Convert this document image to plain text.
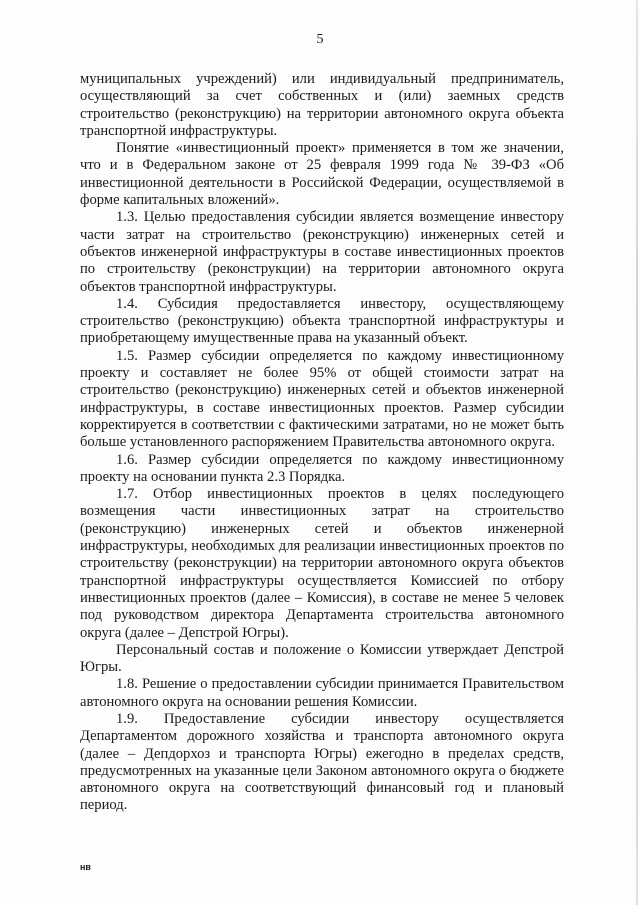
5

муниципальных учреждений) или индивидуальный предприниматель, осуществляющий за счет собственных и (или) заемных средств строительство (реконструкцию) на территории автономного округа объекта транспортной инфраструктуры.

Понятие «инвестиционный проект» применяется в том же значении, что и в Федеральном законе от 25 февраля 1999 года № 39-ФЗ «Об инвестиционной деятельности в Российской Федерации, осуществляемой в форме капитальных вложений».

1.3. Целью предоставления субсидии является возмещение инвестору части затрат на строительство (реконструкцию) инженерных сетей и объектов инженерной инфраструктуры в составе инвестиционных проектов по строительству (реконструкции) на территории автономного округа объектов транспортной инфраструктуры.

1.4. Субсидия предоставляется инвестору, осуществляющему строительство (реконструкцию) объекта транспортной инфраструктуры и приобретающему имущественные права на указанный объект.

1.5. Размер субсидии определяется по каждому инвестиционному проекту и составляет не более 95% от общей стоимости затрат на строительство (реконструкцию) инженерных сетей и объектов инженерной инфраструктуры, в составе инвестиционных проектов. Размер субсидии корректируется в соответствии с фактическими затратами, но не может быть больше установленного распоряжением Правительства автономного округа.

1.6. Размер субсидии определяется по каждому инвестиционному проекту на основании пункта 2.3 Порядка.

1.7. Отбор инвестиционных проектов в целях последующего возмещения части инвестиционных затрат на строительство (реконструкцию) инженерных сетей и объектов инженерной инфраструктуры, необходимых для реализации инвестиционных проектов по строительству (реконструкции) на территории автономного округа объектов транспортной инфраструктуры осуществляется Комиссией по отбору инвестиционных проектов (далее – Комиссия), в составе не менее 5 человек под руководством директора Департамента строительства автономного округа (далее – Депстрой Югры).

Персональный состав и положение о Комиссии утверждает Депстрой Югры.

1.8. Решение о предоставлении субсидии принимается Правительством автономного округа на основании решения Комиссии.

1.9. Предоставление субсидии инвестору осуществляется Департаментом дорожного хозяйства и транспорта автономного округа (далее – Депдорхоз и транспорта Югры) ежегодно в пределах средств, предусмотренных на указанные цели Законом автономного округа о бюджете автономного округа на соответствующий финансовый год и плановый период.

нв
